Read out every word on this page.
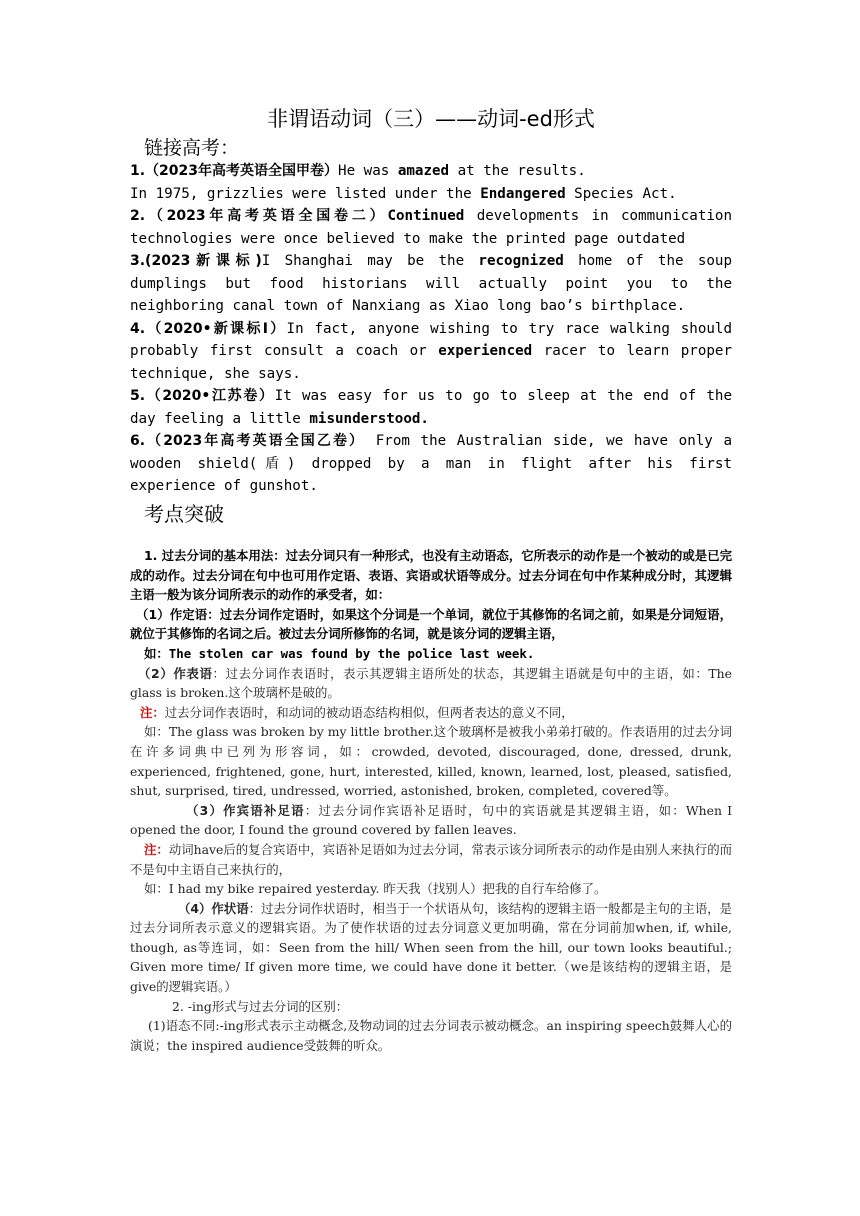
非谓语动词（三）——动词-ed形式
链接高考：

1.（2023年高考英语全国甲卷）He was amazed at the results.

In 1975, grizzlies were listed under the Endangered Species Act.

2.（2023年高考英语全国卷二）Continued developments in communication technologies were once believed to make the printed page outdated

3.(2023新课标)I Shanghai may be the recognized home of the soup dumplings but food historians will actually point you to the neighboring canal town of Nanxiang as Xiao long bao’s birthplace.

4.（2020•新课标Ⅰ）In fact, anyone wishing to try race walking should probably first consult a coach or experienced racer to learn proper technique, she says.

5.（2020•江苏卷）It was easy for us to go to sleep at the end of the day feeling a little misunderstood.

6.（2023年高考英语全国乙卷） From the Australian side, we have only a wooden shield(盾) dropped by a man in flight after his first experience of gunshot.

考点突破

1. 过去分词的基本用法：过去分词只有一种形式，也没有主动语态，它所表示的动作是一个被动的或是已完成的动作。过去分词在句中也可用作定语、表语、宾语或状语等成分。过去分词在句中作某种成分时，其逻辑主语一般为该分词所表示的动作的承受者，如：

（1）作定语：过去分词作定语时，如果这个分词是一个单词，就位于其修饰的名词之前，如果是分词短语，就位于其修饰的名词之后。被过去分词所修饰的名词，就是该分词的逻辑主语，

如：The stolen car was found by the police last week.

（2）作表语：过去分词作表语时，表示其逻辑主语所处的状态，其逻辑主语就是句中的主语，如：The glass is broken.这个玻璃杯是破的。

注：过去分词作表语时，和动词的被动语态结构相似，但两者表达的意义不同，

如：The glass was broken by my little brother.这个玻璃杯是被我小弟弟打破的。作表语用的过去分词在许多词典中已列为形容词，如：crowded, devoted, discouraged, done, dressed, drunk, experienced, frightened, gone, hurt, interested, killed, known, learned, lost, pleased, satisfied, shut, surprised, tired, undressed, worried, astonished, broken, completed, covered等。

（3）作宾语补足语：过去分词作宾语补足语时，句中的宾语就是其逻辑主语，如：When I opened the door, I found the ground covered by fallen leaves.

注：动词have后的复合宾语中，宾语补足语如为过去分词，常表示该分词所表示的动作是由别人来执行的而不是句中主语自己来执行的，

如：I had my bike repaired yesterday. 昨天我（找别人）把我的自行车给修了。

（4）作状语：过去分词作状语时，相当于一个状语从句，该结构的逻辑主语一般都是主句的主语，是过去分词所表示意义的逻辑宾语。为了使作状语的过去分词意义更加明确，常在分词前加when, if, while, though, as等连词，如：Seen from the hill/ When seen from the hill, our town looks beautiful.; Given more time/ If given more time, we could have done it better.（we是该结构的逻辑主语，是give的逻辑宾语。）

2. -ing形式与过去分词的区别：

(1)语态不同:-ing形式表示主动概念,及物动词的过去分词表示被动概念。an inspiring speech鼓舞人心的演说；the inspired audience受鼓舞的听众。
